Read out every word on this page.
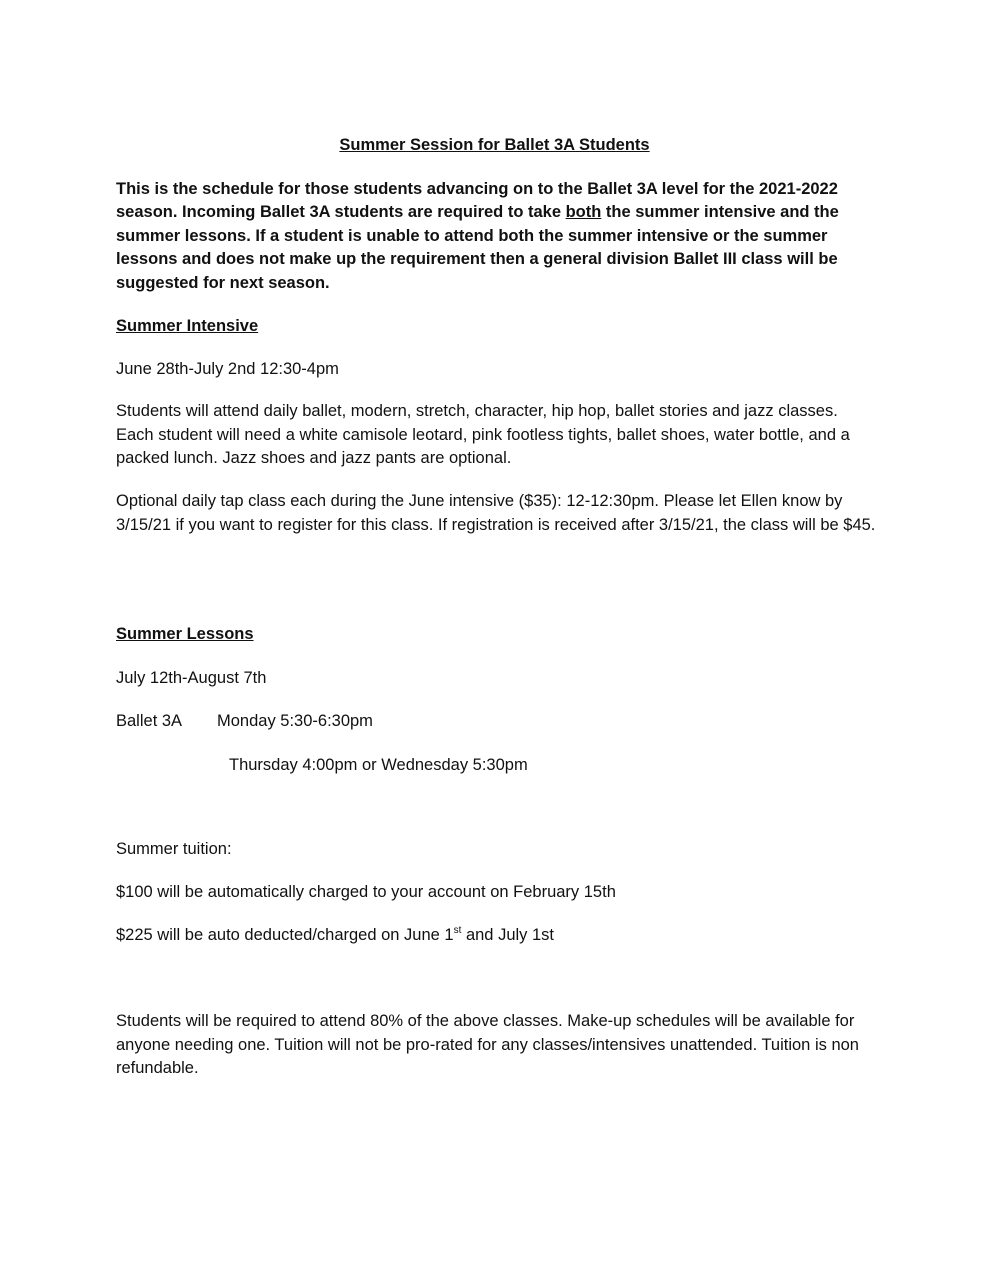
Summer Session for Ballet 3A Students

This is the schedule for those students advancing on to the Ballet 3A level for the 2021-2022 season. Incoming Ballet 3A students are required to take both the summer intensive and the summer lessons. If a student is unable to attend both the summer intensive or the summer lessons and does not make up the requirement then a general division Ballet III class will be suggested for next season.

Summer Intensive

June 28th-July 2nd 12:30-4pm

Students will attend daily ballet, modern, stretch, character, hip hop, ballet stories and jazz classes. Each student will need a white camisole leotard, pink footless tights, ballet shoes, water bottle, and a packed lunch. Jazz shoes and jazz pants are optional.

Optional daily tap class each during the June intensive ($35): 12-12:30pm. Please let Ellen know by 3/15/21 if you want to register for this class. If registration is received after 3/15/21, the class will be $45.

Summer Lessons

July 12th-August 7th

Ballet 3A Monday 5:30-6:30pm

Thursday 4:00pm or Wednesday 5:30pm

Summer tuition:

$100 will be automatically charged to your account on February 15th

$225 will be auto deducted/charged on June 1st and July 1st

Students will be required to attend 80% of the above classes. Make-up schedules will be available for anyone needing one. Tuition will not be pro-rated for any classes/intensives unattended. Tuition is non refundable.
